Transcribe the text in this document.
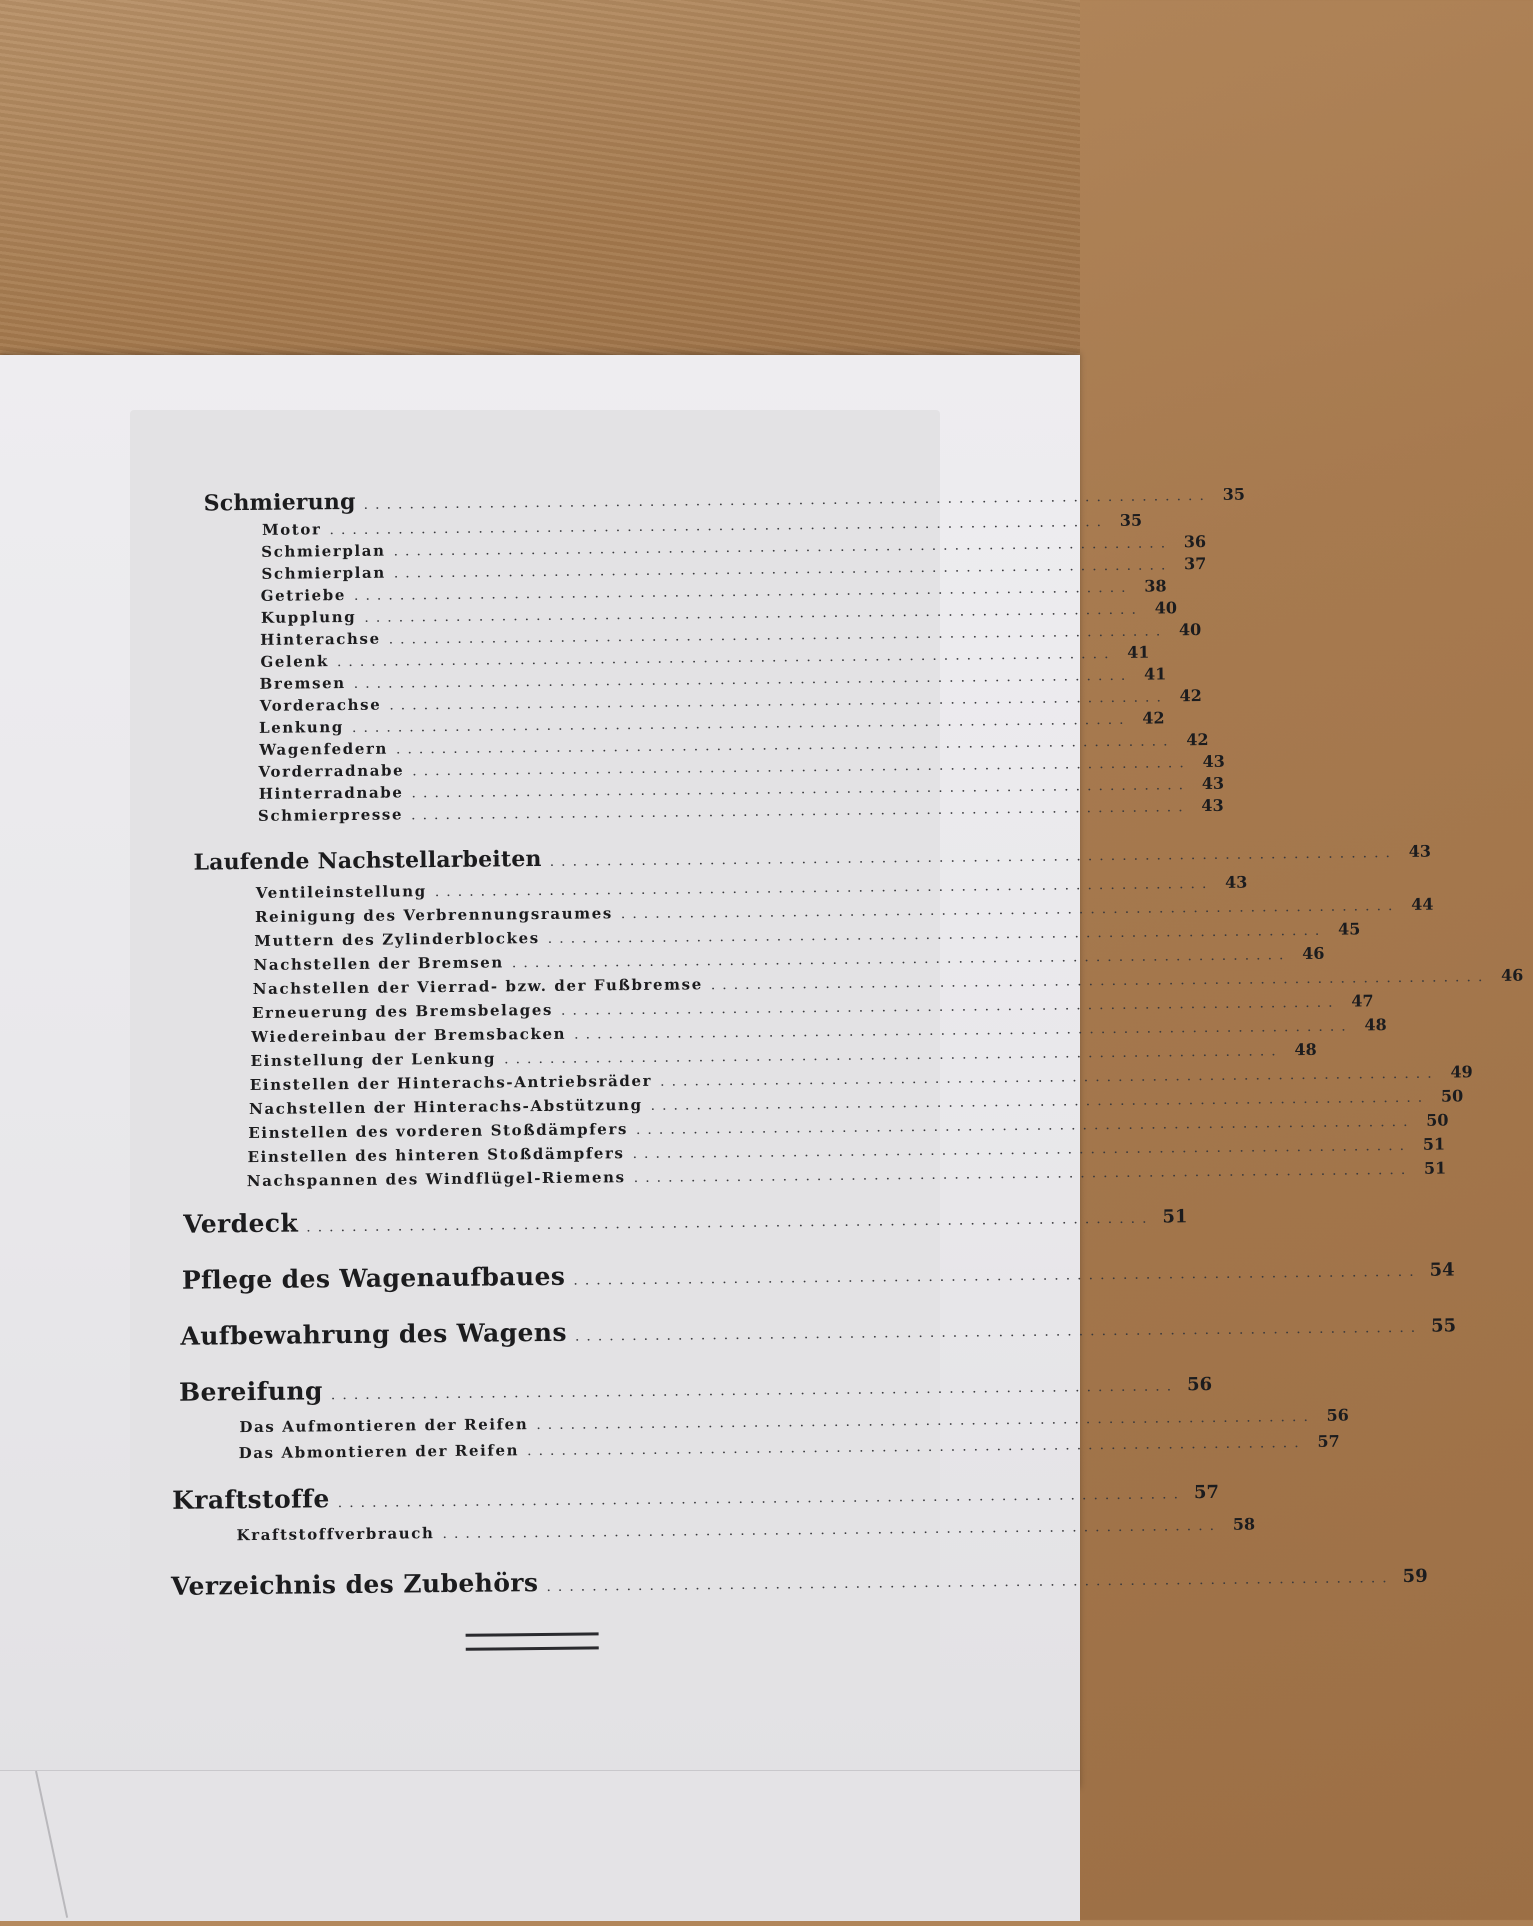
Schmierung .......................................................................... 35
Motor .................................................................... 35
Schmierplan .................................................................... 36
Schmierplan .................................................................... 37
Getriebe .................................................................... 38
Kupplung .................................................................... 40
Hinterachse .................................................................... 40
Gelenk .................................................................... 41
Bremsen .................................................................... 41
Vorderachse .................................................................... 42
Lenkung .................................................................... 42
Wagenfedern .................................................................... 42
Vorderradnabe .................................................................... 43
Hinterradnabe .................................................................... 43
Schmierpresse .................................................................... 43
Laufende Nachstellarbeiten .......................................................................... 43
Ventileinstellung .................................................................... 43
Reinigung des Verbrennungsraumes .................................................................... 44
Muttern des Zylinderblockes .................................................................... 45
Nachstellen der Bremsen .................................................................... 46
Nachstellen der Vierrad- bzw. der Fußbremse .................................................................... 46
Erneuerung des Bremsbelages .................................................................... 47
Wiedereinbau der Bremsbacken .................................................................... 48
Einstellung der Lenkung .................................................................... 48
Einstellen der Hinterachs-Antriebsräder .................................................................... 49
Nachstellen der Hinterachs-Abstützung .................................................................... 50
Einstellen des vorderen Stoßdämpfers .................................................................... 50
Einstellen des hinteren Stoßdämpfers .................................................................... 51
Nachspannen des Windflügel-Riemens .................................................................... 51
Verdeck .......................................................................... 51
Pflege des Wagenaufbaues .......................................................................... 54
Aufbewahrung des Wagens .......................................................................... 55
Bereifung .......................................................................... 56
Das Aufmontieren der Reifen .................................................................... 56
Das Abmontieren der Reifen .................................................................... 57
Kraftstoffe .......................................................................... 57
Kraftstoffverbrauch .................................................................... 58
Verzeichnis des Zubehörs .......................................................................... 59
